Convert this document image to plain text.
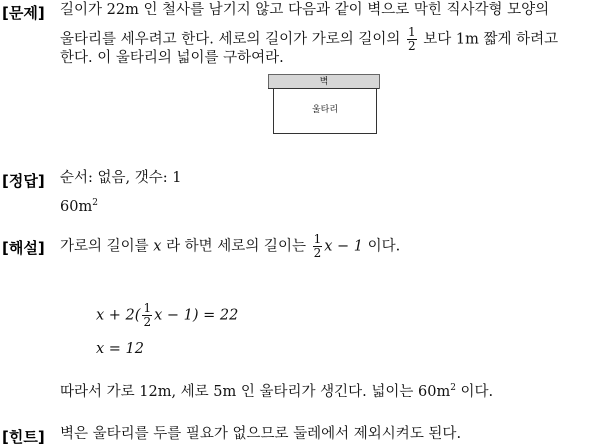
[문제] 길이가 22m 인 철사를 남기지 않고 다음과 같이 벽으로 막힌 직사각형 모양의
울타리를 세우려고 한다. 세로의 길이가 가로의 길이의 $\frac{1}{2}$ 보다 1m 짧게 하려고
한다. 이 울타리의 넓이를 구하여라.
벽
울타리
[정답] 순서: 없음, 갯수: 1
$60m^2$
[해설] 가로의 길이를 x 라 하면 세로의 길이는 $\frac{1}{2}$ x − 1 이다.
$x + 2( \frac{1}{2}$ x − 1) = 22
x = 12
따라서 가로 12m, 세로 5m 인 울타리가 생긴다. 넓이는 $60m^2$ 이다.
[힌트] 벽은 울타리를 두를 필요가 없으므로 둘레에서 제외시켜도 된다.
